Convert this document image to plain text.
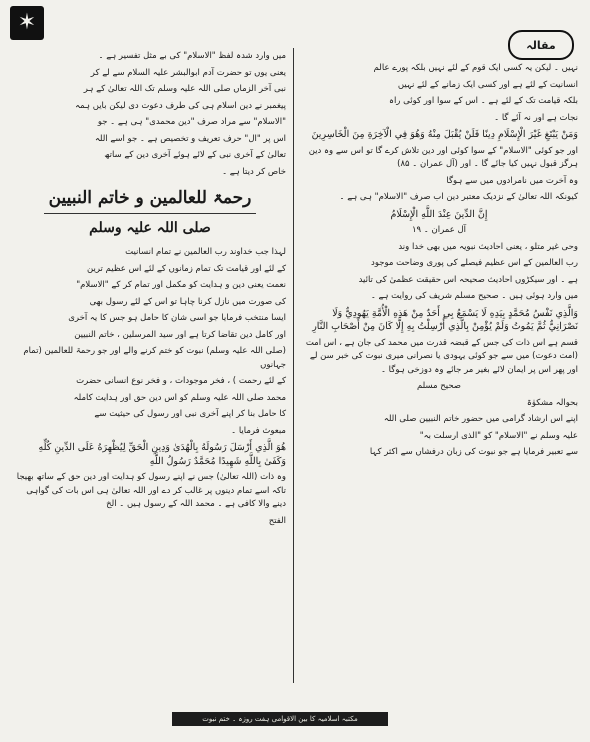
✶
مقالہ

نہیں ۔ لیکن یہ کسی ایک قوم کے لئے نہیں بلکہ پورے عالم

انسانیت کے لئے ہے اور کسی ایک زمانے کے لئے نہیں

بلکہ قیامت تک کے لئے ہے ۔ اس کے سوا اور کوئی راہ

نجات ہے اور نہ آئے گا ۔

وَمَنْ يَبْتَغِ غَيْرَ الْإِسْلَامِ دِينًا فَلَنْ يُقْبَلَ مِنْهُ وَهُوَ فِي الْآخِرَةِ مِنَ الْخَاسِرِينَ

اور جو کوئی "الاسلام" کے سوا کوئی اور دین تلاش کرے گا تو اس سے وہ دین ہرگز قبول نہیں کیا جائے گا ۔ اور (آل عمران ۔ ۸۵)

وہ آخرت میں نامرادوں میں سے ہوگا

کیونکہ اللہ تعالیٰ کے نزدیک معتبر دین اب صرف "الاسلام" ہی ہے ۔

إِنَّ الدِّينَ عِنْدَ اللَّهِ الْإِسْلَامُ

آل عمران ۔ ۱۹

وحی غیر متلو ، یعنی احادیث نبویہ میں بھی خدا وند

رب العالمین کے اس عظیم فیصلے کی پوری وضاحت موجود

ہے ۔ اور سیکڑوں احادیث صحیحہ اس حقیقت عظمیٰ کی تائید

میں وارد ہوئی ہیں ۔ صحیح مسلم شریف کی روایت ہے ۔

وَالَّذِي نَفْسُ مُحَمَّدٍ بِيَدِهِ لَا يَسْمَعُ بِي أَحَدٌ مِنْ هَذِهِ الْأُمَّةِ يَهُودِيٌّ وَلَا نَصْرَانِيٌّ ثُمَّ يَمُوتُ وَلَمْ يُؤْمِنْ بِالَّذِي أُرْسِلْتُ بِهِ إِلَّا كَانَ مِنْ أَصْحَابِ النَّارِ

قسم ہے اس ذات کی جس کے قبضہ قدرت میں محمد کی جان ہے ، اس امت (امت دعوت) میں سے جو کوئی یہودی یا نصرانی میری نبوت کی خبر سن لے اور پھر اس پر ایمان لائے بغیر مر جائے وہ دوزخی ہوگا ۔

صحیح مسلم

بحوالہ مشکوٰۃ

اپنے اس ارشاد گرامی میں حضور خاتم النبیین صلی اللہ

علیہ وسلم نے "الاسلام" کو "الذی ارسلت بہ"

سے تعبیر فرمایا ہے جو نبوت کی زبان درفشاں سے اکثر کہا

میں وارد شدہ لفظ "الاسلام" کی بے مثل تفسیر ہے ۔

یعنی یوں تو حضرت آدم ابوالبشر علیہ السلام سے لے کر

نبی آخر الزماں صلی اللہ علیہ وسلم تک اللہ تعالیٰ کے ہر

پیغمبر نے دین اسلام ہی کی طرف دعوت دی لیکن بایں ہمہ

"الاسلام" سے مراد صرف "دین محمدی" ہی ہے ۔ جو

اس پر "ال" حرف تعریف و تخصیص ہے ۔ جو اسے اللہ

تعالیٰ کے آخری نبی کے لائے ہوئے آخری دین کے ساتھ

خاص کر دیتا ہے ۔

رحمۃ للعالمین و خاتم النبیین
صلی اللہ علیہ وسلم

لہذا جب خداوند رب العالمین نے تمام انسانیت

کے لئے اور قیامت تک تمام زمانوں کے لئے اس عظیم ترین

نعمت یعنی دین و ہدایت کو مکمل اور تمام کر کے "الاسلام"

کی صورت میں نازل کرنا چاہا تو اس کے لئے رسول بھی

ایسا منتخب فرمایا جو اسی شان کا حامل ہو جس کا یہ آخری

اور کامل دین تقاضا کرتا ہے اور سید المرسلین ، خاتم النبیین

(صلی اللہ علیہ وسلم) نبوت کو ختم کرنے والے اور جو رحمۃ للعالمین (تمام جہانوں

کے لئے رحمت ) ، فخر موجودات ، و فخر نوع انسانی حضرت

محمد صلی اللہ علیہ وسلم کو اس دین حق اور ہدایت کاملہ

کا حامل بنا کر اپنے آخری نبی اور رسول کی حیثیت سے

مبعوث فرمایا ۔

هُوَ الَّذِي أَرْسَلَ رَسُولَهُ بِالْهُدَىٰ وَدِينِ الْحَقِّ لِيُظْهِرَهُ عَلَى الدِّينِ كُلِّهِ وَكَفَىٰ بِاللَّهِ شَهِيدًا مُحَمَّدٌ رَسُولُ اللَّهِ

وہ ذات (اللہ تعالیٰ) جس نے اپنے رسول کو ہدایت اور دین حق کے ساتھ بھیجا تاکہ اسے تمام دینوں پر غالب کر دے اور اللہ تعالیٰ ہی اس بات کی گواہی دینے والا کافی ہے ۔ محمد اللہ کے رسول ہیں ۔ الخ

الفتح

مکتبہ اسلامیہ کا بین الاقوامی ہفت روزہ ۔ ختم نبوت
